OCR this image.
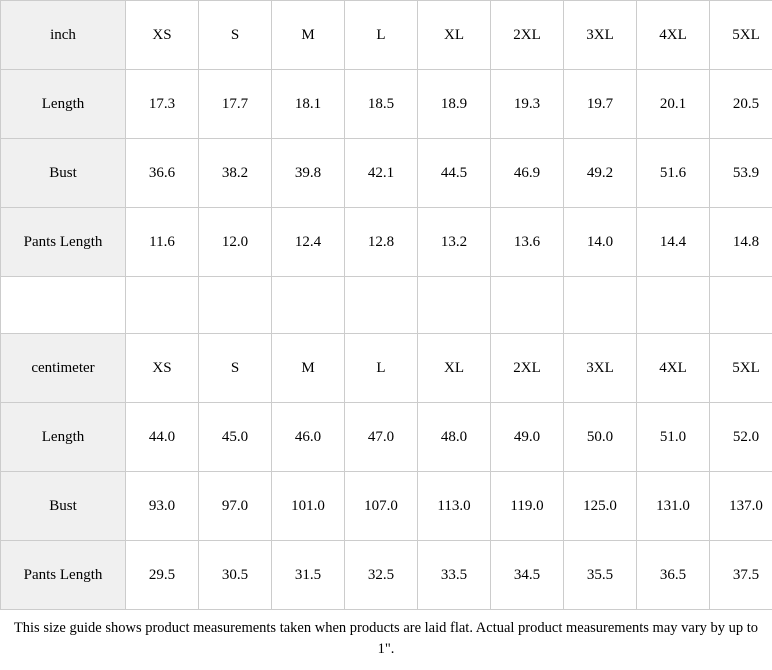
inch	XS	S	M	L	XL	2XL	3XL	4XL	5XL
Length	17.3	17.7	18.1	18.5	18.9	19.3	19.7	20.1	20.5
Bust	36.6	38.2	39.8	42.1	44.5	46.9	49.2	51.6	53.9
Pants Length	11.6	12.0	12.4	12.8	13.2	13.6	14.0	14.4	14.8

centimeter	XS	S	M	L	XL	2XL	3XL	4XL	5XL
Length	44.0	45.0	46.0	47.0	48.0	49.0	50.0	51.0	52.0
Bust	93.0	97.0	101.0	107.0	113.0	119.0	125.0	131.0	137.0
Pants Length	29.5	30.5	31.5	32.5	33.5	34.5	35.5	36.5	37.5
This size guide shows product measurements taken when products are laid flat. Actual product measurements may vary by up to 1".
